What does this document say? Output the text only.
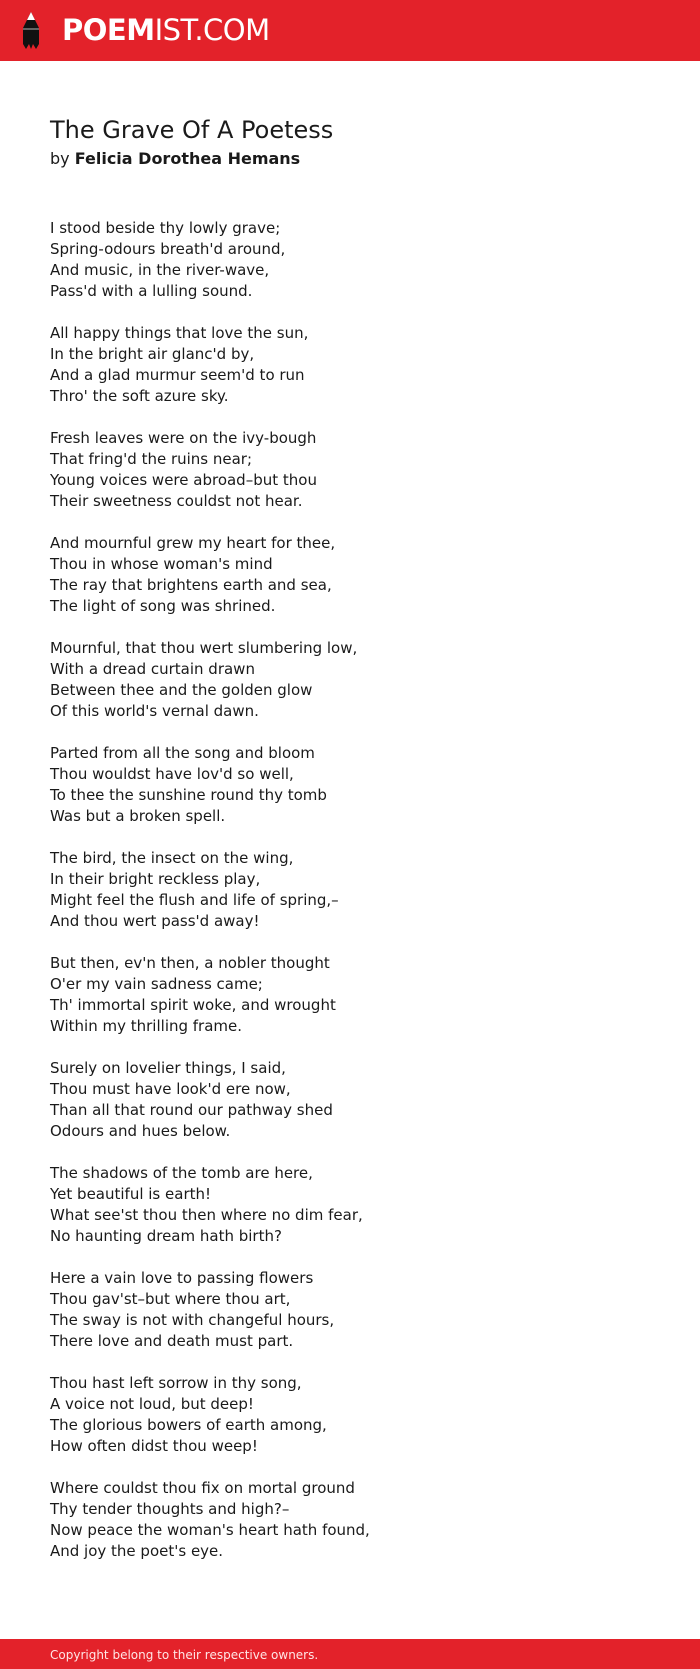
POEMIST.COM
The Grave Of A Poetess
by Felicia Dorothea Hemans
I stood beside thy lowly grave;
Spring-odours breath'd around,
And music, in the river-wave,
Pass'd with a lulling sound.
All happy things that love the sun,
In the bright air glanc'd by,
And a glad murmur seem'd to run
Thro' the soft azure sky.
Fresh leaves were on the ivy-bough
That fring'd the ruins near;
Young voices were abroad–but thou
Their sweetness couldst not hear.
And mournful grew my heart for thee,
Thou in whose woman's mind
The ray that brightens earth and sea,
The light of song was shrined.
Mournful, that thou wert slumbering low,
With a dread curtain drawn
Between thee and the golden glow
Of this world's vernal dawn.
Parted from all the song and bloom
Thou wouldst have lov'd so well,
To thee the sunshine round thy tomb
Was but a broken spell.
The bird, the insect on the wing,
In their bright reckless play,
Might feel the flush and life of spring,–
And thou wert pass'd away!
But then, ev'n then, a nobler thought
O'er my vain sadness came;
Th' immortal spirit woke, and wrought
Within my thrilling frame.
Surely on lovelier things, I said,
Thou must have look'd ere now,
Than all that round our pathway shed
Odours and hues below.
The shadows of the tomb are here,
Yet beautiful is earth!
What see'st thou then where no dim fear,
No haunting dream hath birth?
Here a vain love to passing flowers
Thou gav'st–but where thou art,
The sway is not with changeful hours,
There love and death must part.
Thou hast left sorrow in thy song,
A voice not loud, but deep!
The glorious bowers of earth among,
How often didst thou weep!
Where couldst thou fix on mortal ground
Thy tender thoughts and high?–
Now peace the woman's heart hath found,
And joy the poet's eye.
Copyright belong to their respective owners.
